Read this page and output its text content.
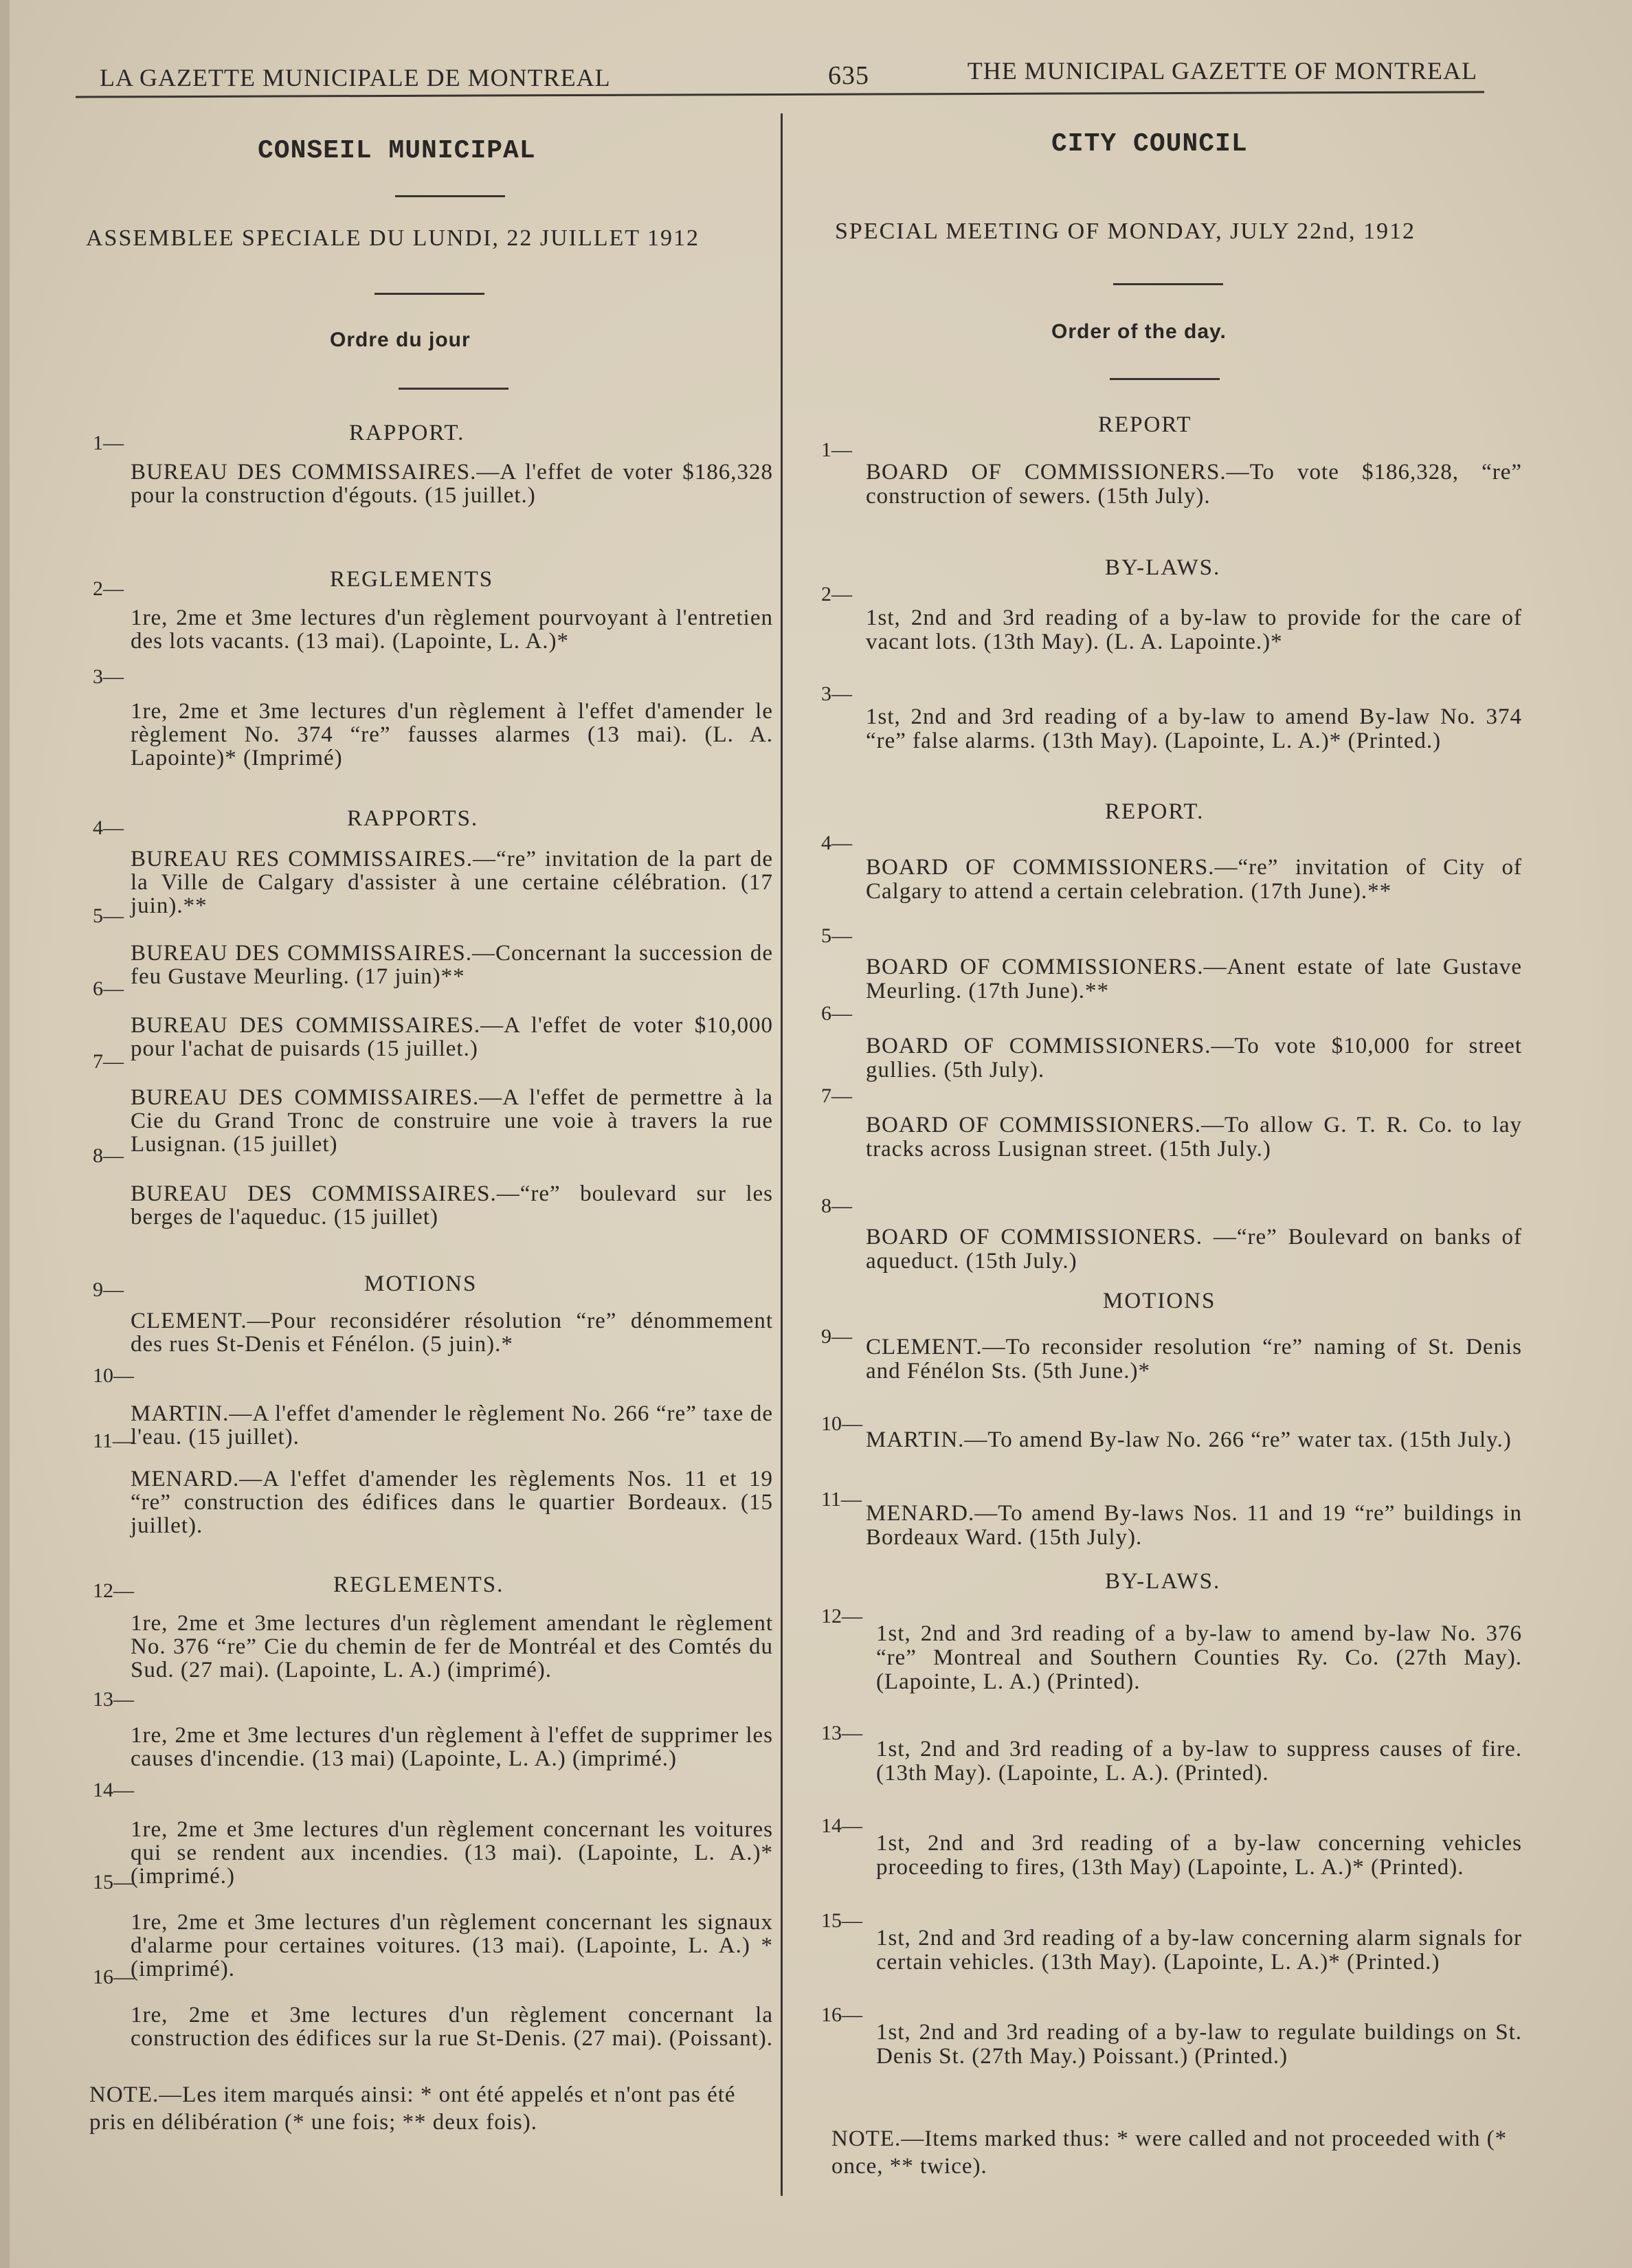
LA GAZETTE MUNICIPALE DE MONTREAL	635	THE MUNICIPAL GAZETTE OF MONTREAL
CONSEIL MUNICIPAL
ASSEMBLEE SPECIALE DU LUNDI, 22 JUILLET 1912
Ordre du jour
RAPPORT.
1—
BUREAU DES COMMISSAIRES.—A l'effet de voter $186,328 pour la construction d'égouts. (15 juillet.)
REGLEMENTS
2—
1re, 2me et 3me lectures d'un règlement pourvoyant à l'entretien des lots vacants. (13 mai). (Lapointe, L. A.)*
3—
1re, 2me et 3me lectures d'un règlement à l'effet d'amender le règlement No. 374 “re” fausses alarmes (13 mai). (L. A. Lapointe)* (Imprimé)
RAPPORTS.
4—
BUREAU RES COMMISSAIRES.—“re” invitation de la part de la Ville de Calgary d'assister à une certaine célébration. (17 juin).**
5—
BUREAU DES COMMISSAIRES.—Concernant la succession de feu Gustave Meurling. (17 juin)**
6—
BUREAU DES COMMISSAIRES.—A l'effet de voter $10,000 pour l'achat de puisards (15 juillet.)
7—
BUREAU DES COMMISSAIRES.—A l'effet de permettre à la Cie du Grand Tronc de construire une voie à travers la rue Lusignan. (15 juillet)
8—
BUREAU DES COMMISSAIRES.—“re” boulevard sur les berges de l'aqueduc. (15 juillet)
MOTIONS
9—
CLEMENT.—Pour reconsidérer résolution “re” dénommement des rues St-Denis et Fénélon. (5 juin).*
10—
MARTIN.—A l'effet d'amender le règlement No. 266 “re” taxe de l'eau. (15 juillet).
11—
MENARD.—A l'effet d'amender les règlements Nos. 11 et 19 “re” construction des édifices dans le quartier Bordeaux. (15 juillet).
REGLEMENTS.
12—
1re, 2me et 3me lectures d'un règlement amendant le règlement No. 376 “re” Cie du chemin de fer de Montréal et des Comtés du Sud. (27 mai). (Lapointe, L. A.) (imprimé).
13—
1re, 2me et 3me lectures d'un règlement à l'effet de supprimer les causes d'incendie. (13 mai) (Lapointe, L. A.) (imprimé.)
14—
1re, 2me et 3me lectures d'un règlement concernant les voitures qui se rendent aux incendies. (13 mai). (Lapointe, L. A.)* (imprimé.)
15—
1re, 2me et 3me lectures d'un règlement concernant les signaux d'alarme pour certaines voitures. (13 mai). (Lapointe, L. A.) * (imprimé).
16—
1re, 2me et 3me lectures d'un règlement concernant la construction des édifices sur la rue St-Denis. (27 mai). (Poissant).
NOTE.—Les item marqués ainsi: * ont été appelés et n'ont pas été pris en délibération (* une fois; ** deux fois).
CITY COUNCIL
SPECIAL MEETING OF MONDAY, JULY 22nd, 1912
Order of the day.
REPORT
1—
BOARD OF COMMISSIONERS.—To vote $186,328, “re” construction of sewers. (15th July).
BY-LAWS.
2—
1st, 2nd and 3rd reading of a by-law to provide for the care of vacant lots. (13th May). (L. A. Lapointe.)*
3—
1st, 2nd and 3rd reading of a by-law to amend By-law No. 374 “re” false alarms. (13th May). (Lapointe, L. A.)* (Printed.)
REPORT.
4—
BOARD OF COMMISSIONERS.—“re” invitation of City of Calgary to attend a certain celebration. (17th June).**
5—
BOARD OF COMMISSIONERS.—Anent estate of late Gustave Meurling. (17th June).**
6—
BOARD OF COMMISSIONERS.—To vote $10,000 for street gullies. (5th July).
7—
BOARD OF COMMISSIONERS.—To allow G. T. R. Co. to lay tracks across Lusignan street. (15th July.)
8—
BOARD OF COMMISSIONERS. —“re” Boulevard on banks of aqueduct. (15th July.)
MOTIONS
9— CLEMENT.—To reconsider resolution “re” naming of St. Denis and Fénélon Sts. (5th June.)*
10—
MARTIN.—To amend By-law No. 266 “re” water tax. (15th July.)
11—
MENARD.—To amend By-laws Nos. 11 and 19 “re” buildings in Bordeaux Ward. (15th July).
BY-LAWS.
12—
1st, 2nd and 3rd reading of a by-law to amend by-law No. 376 “re” Montreal and Southern Counties Ry. Co. (27th May). (Lapointe, L. A.) (Printed).
13—
1st, 2nd and 3rd reading of a by-law to suppress causes of fire. (13th May). (Lapointe, L. A.). (Printed).
14—
1st, 2nd and 3rd reading of a by-law concerning vehicles proceeding to fires, (13th May) (Lapointe, L. A.)* (Printed).
15—
1st, 2nd and 3rd reading of a by-law concerning alarm signals for certain vehicles. (13th May). (Lapointe, L. A.)* (Printed.)
16—
1st, 2nd and 3rd reading of a by-law to regulate buildings on St. Denis St. (27th May.) Poissant.) (Printed.)
NOTE.—Items marked thus: * were called and not proceeded with (* once, ** twice).
